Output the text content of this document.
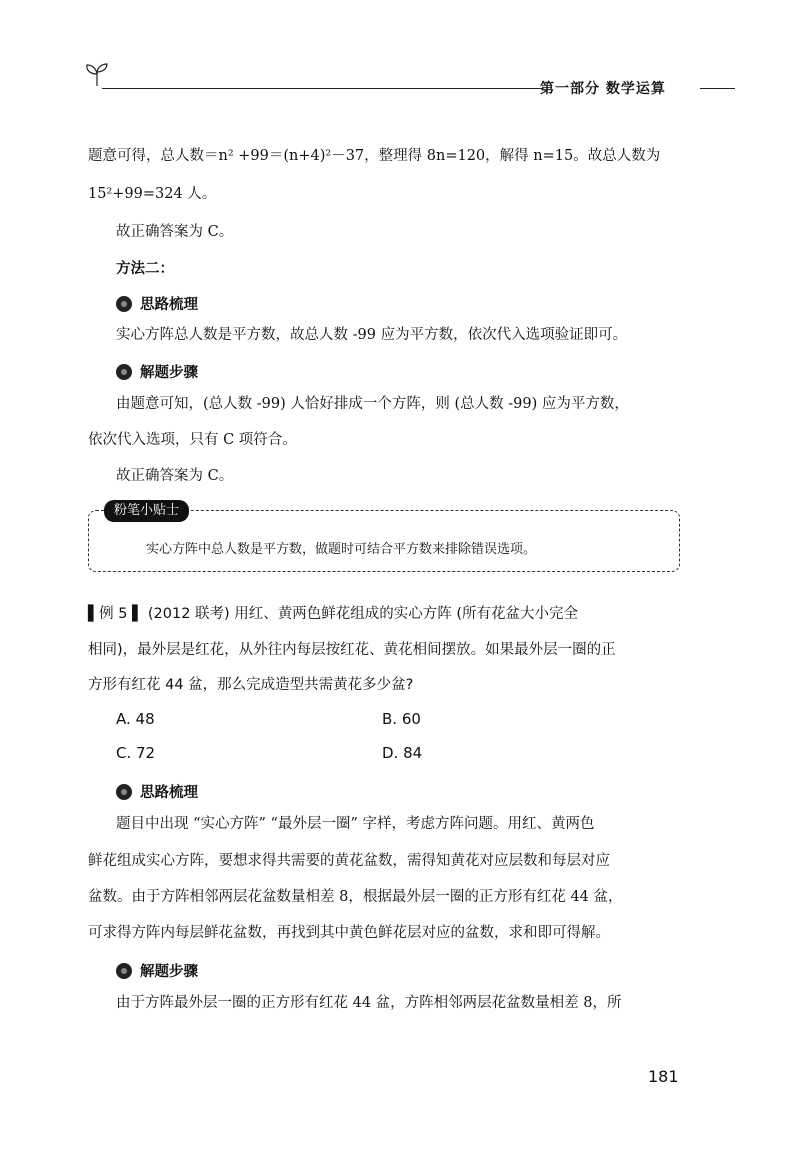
第一部分 数学运算
题意可得，总人数＝n² +99＝(n+4)²－37，整理得 8n=120，解得 n=15。故总人数为
15²+99=324 人。
故正确答案为 C。
方法二：
思路梳理
实心方阵总人数是平方数，故总人数 -99 应为平方数，依次代入选项验证即可。
解题步骤
由题意可知，(总人数 -99) 人恰好排成一个方阵，则 (总人数 -99) 应为平方数，
依次代入选项，只有 C 项符合。
故正确答案为 C。
粉笔小贴士
实心方阵中总人数是平方数，做题时可结合平方数来排除错误选项。
▌例 5 ▌ (2012 联考) 用红、黄两色鲜花组成的实心方阵 (所有花盆大小完全
相同)，最外层是红花，从外往内每层按红花、黄花相间摆放。如果最外层一圈的正
方形有红花 44 盆，那么完成造型共需黄花多少盆?
A. 48	B. 60
C. 72	D. 84
思路梳理
题目中出现 “实心方阵” “最外层一圈” 字样，考虑方阵问题。用红、黄两色
鲜花组成实心方阵，要想求得共需要的黄花盆数，需得知黄花对应层数和每层对应
盆数。由于方阵相邻两层花盆数量相差 8，根据最外层一圈的正方形有红花 44 盆，
可求得方阵内每层鲜花盆数，再找到其中黄色鲜花层对应的盆数，求和即可得解。
解题步骤
由于方阵最外层一圈的正方形有红花 44 盆，方阵相邻两层花盆数量相差 8，所
181
